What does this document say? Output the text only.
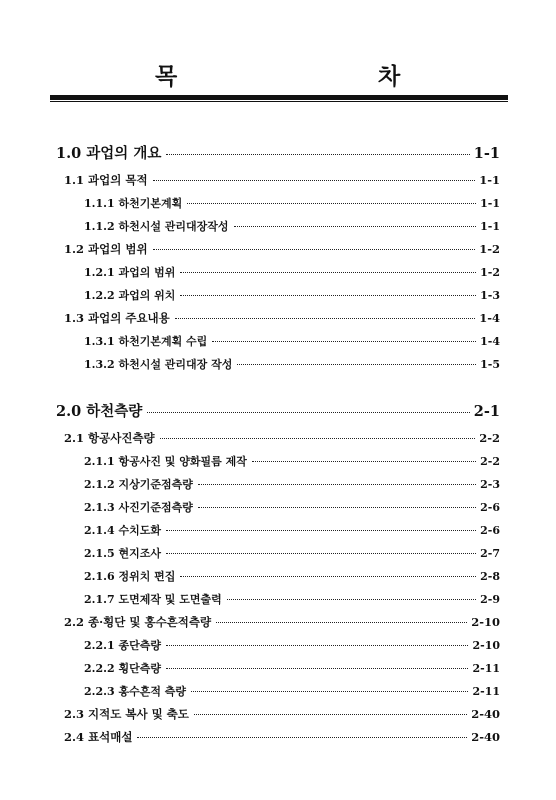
목	차
1.0 과업의 개요	1-1
1.1 과업의 목적	1-1
1.1.1 하천기본계획	1-1
1.1.2 하천시설 관리대장작성	1-1
1.2 과업의 범위	1-2
1.2.1 과업의 범위	1-2
1.2.2 과업의 위치	1-3
1.3 과업의 주요내용	1-4
1.3.1 하천기본계획 수립	1-4
1.3.2 하천시설 관리대장 작성	1-5
2.0 하천측량	2-1
2.1 항공사진측량	2-2
2.1.1 항공사진 및 양화필름 제작	2-2
2.1.2 지상기준점측량	2-3
2.1.3 사진기준점측량	2-6
2.1.4 수치도화	2-6
2.1.5 현지조사	2-7
2.1.6 정위치 편집	2-8
2.1.7 도면제작 및 도면출력	2-9
2.2 종·횡단 및 홍수흔적측량	2-10
2.2.1 종단측량	2-10
2.2.2 횡단측량	2-11
2.2.3 홍수흔적 측량	2-11
2.3 지적도 복사 및 축도	2-40
2.4 표석매설	2-40
